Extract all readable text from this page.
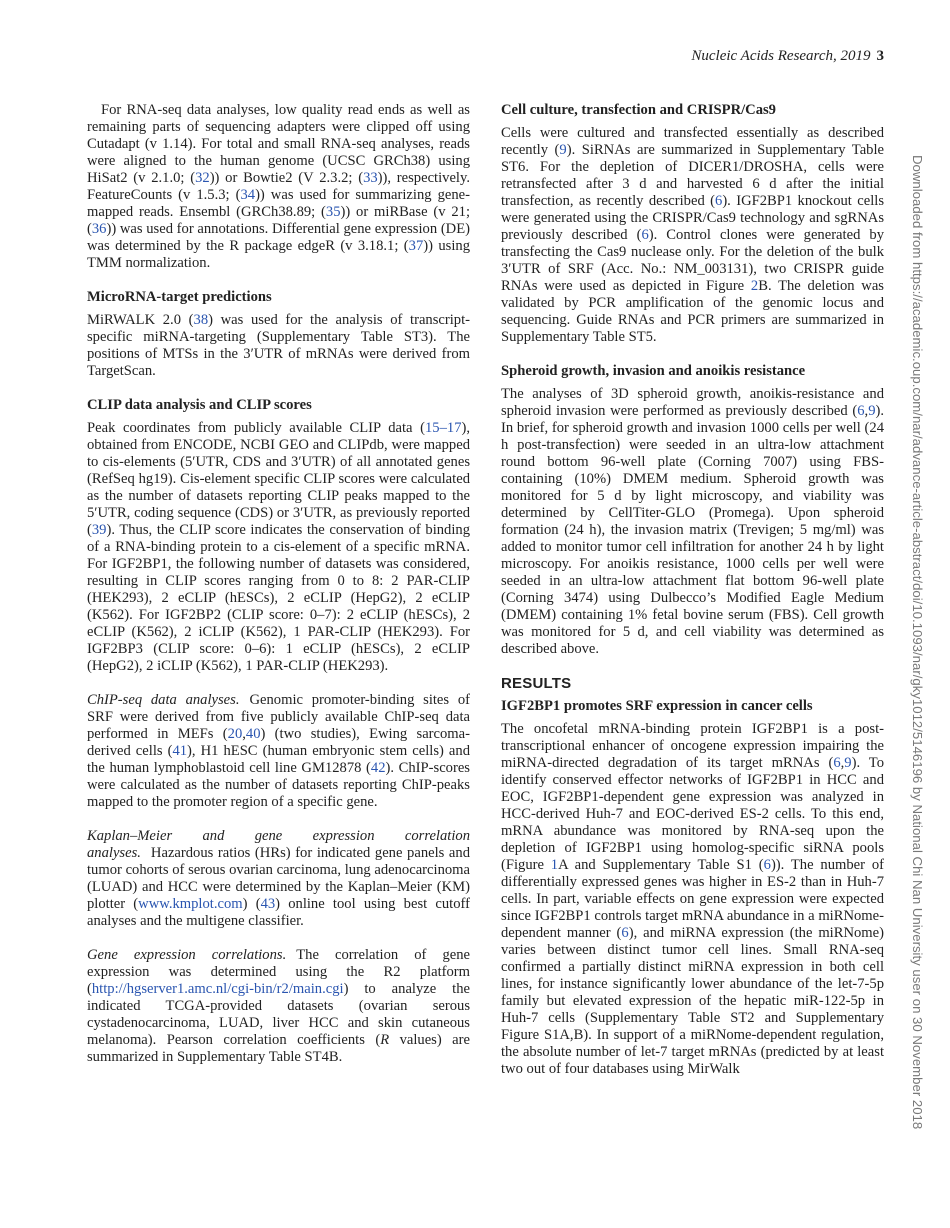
Nucleic Acids Research, 2019 3

For RNA-seq data analyses, low quality read ends as well as remaining parts of sequencing adapters were clipped off using Cutadapt (v 1.14). For total and small RNA-seq analyses, reads were aligned to the human genome (UCSC GRCh38) using HiSat2 (v 2.1.0; (32)) or Bowtie2 (V 2.3.2; (33)), respectively. FeatureCounts (v 1.5.3; (34)) was used for summarizing gene-mapped reads. Ensembl (GRCh38.89; (35)) or miRBase (v 21; (36)) was used for annotations. Differential gene expression (DE) was determined by the R package edgeR (v 3.18.1; (37)) using TMM normalization.

MicroRNA-target predictions

MiRWALK 2.0 (38) was used for the analysis of transcript-specific miRNA-targeting (Supplementary Table ST3). The positions of MTSs in the 3′UTR of mRNAs were derived from TargetScan.

CLIP data analysis and CLIP scores

Peak coordinates from publicly available CLIP data (15–17), obtained from ENCODE, NCBI GEO and CLIPdb, were mapped to cis-elements (5′UTR, CDS and 3′UTR) of all annotated genes (RefSeq hg19). Cis-element specific CLIP scores were calculated as the number of datasets reporting CLIP peaks mapped to the 5′UTR, coding sequence (CDS) or 3′UTR, as previously reported (39). Thus, the CLIP score indicates the conservation of binding of a RNA-binding protein to a cis-element of a specific mRNA. For IGF2BP1, the following number of datasets was considered, resulting in CLIP scores ranging from 0 to 8: 2 PAR-CLIP (HEK293), 2 eCLIP (hESCs), 2 eCLIP (HepG2), 2 eCLIP (K562). For IGF2BP2 (CLIP score: 0–7): 2 eCLIP (hESCs), 2 eCLIP (K562), 2 iCLIP (K562), 1 PAR-CLIP (HEK293). For IGF2BP3 (CLIP score: 0–6): 1 eCLIP (hESCs), 2 eCLIP (HepG2), 2 iCLIP (K562), 1 PAR-CLIP (HEK293).

ChIP-seq data analyses. Genomic promoter-binding sites of SRF were derived from five publicly available ChIP-seq data performed in MEFs (20,40) (two studies), Ewing sarcoma-derived cells (41), H1 hESC (human embryonic stem cells) and the human lymphoblastoid cell line GM12878 (42). ChIP-scores were calculated as the number of datasets reporting ChIP-peaks mapped to the promoter region of a specific gene.

Kaplan–Meier and gene expression correlation analyses. Hazardous ratios (HRs) for indicated gene panels and tumor cohorts of serous ovarian carcinoma, lung adenocarcinoma (LUAD) and HCC were determined by the Kaplan–Meier (KM) plotter (www.kmplot.com) (43) online tool using best cutoff analyses and the multigene classifier.

Gene expression correlations. The correlation of gene expression was determined using the R2 platform (http://hgserver1.amc.nl/cgi-bin/r2/main.cgi) to analyze the indicated TCGA-provided datasets (ovarian serous cystadenocarcinoma, LUAD, liver HCC and skin cutaneous melanoma). Pearson correlation coefficients (R values) are summarized in Supplementary Table ST4B.

Cell culture, transfection and CRISPR/Cas9

Cells were cultured and transfected essentially as described recently (9). SiRNAs are summarized in Supplementary Table ST6. For the depletion of DICER1/DROSHA, cells were retransfected after 3 d and harvested 6 d after the initial transfection, as recently described (6). IGF2BP1 knockout cells were generated using the CRISPR/Cas9 technology and sgRNAs previously described (6). Control clones were generated by transfecting the Cas9 nuclease only. For the deletion of the bulk 3′UTR of SRF (Acc. No.: NM_003131), two CRISPR guide RNAs were used as depicted in Figure 2B. The deletion was validated by PCR amplification of the genomic locus and sequencing. Guide RNAs and PCR primers are summarized in Supplementary Table ST5.

Spheroid growth, invasion and anoikis resistance

The analyses of 3D spheroid growth, anoikis-resistance and spheroid invasion were performed as previously described (6,9). In brief, for spheroid growth and invasion 1000 cells per well (24 h post-transfection) were seeded in an ultra-low attachment round bottom 96-well plate (Corning 7007) using FBS-containing (10%) DMEM medium. Spheroid growth was monitored for 5 d by light microscopy, and viability was determined by CellTiter-GLO (Promega). Upon spheroid formation (24 h), the invasion matrix (Trevigen; 5 mg/ml) was added to monitor tumor cell infiltration for another 24 h by light microscopy. For anoikis resistance, 1000 cells per well were seeded in an ultra-low attachment flat bottom 96-well plate (Corning 3474) using Dulbecco’s Modified Eagle Medium (DMEM) containing 1% fetal bovine serum (FBS). Cell growth was monitored for 5 d, and cell viability was determined as described above.

RESULTS
IGF2BP1 promotes SRF expression in cancer cells

The oncofetal mRNA-binding protein IGF2BP1 is a post-transcriptional enhancer of oncogene expression impairing the miRNA-directed degradation of its target mRNAs (6,9). To identify conserved effector networks of IGF2BP1 in HCC and EOC, IGF2BP1-dependent gene expression was analyzed in HCC-derived Huh-7 and EOC-derived ES-2 cells. To this end, mRNA abundance was monitored by RNA-seq upon the depletion of IGF2BP1 using homolog-specific siRNA pools (Figure 1A and Supplementary Table S1 (6)). The number of differentially expressed genes was higher in ES-2 than in Huh-7 cells. In part, variable effects on gene expression were expected since IGF2BP1 controls target mRNA abundance in a miRNome-dependent manner (6), and miRNA expression (the miRNome) varies between distinct tumor cell lines. Small RNA-seq confirmed a partially distinct miRNA expression in both cell lines, for instance significantly lower abundance of the let-7-5p family but elevated expression of the hepatic miR-122-5p in Huh-7 cells (Supplementary Table ST2 and Supplementary Figure S1A,B). In support of a miRNome-dependent regulation, the absolute number of let-7 target mRNAs (predicted by at least two out of four databases using MirWalk	Downloaded from https://academic.oup.com/nar/advance-article-abstract/doi/10.1093/nar/gky1012/5146196 by National Chi Nan University user on 30 November 2018
